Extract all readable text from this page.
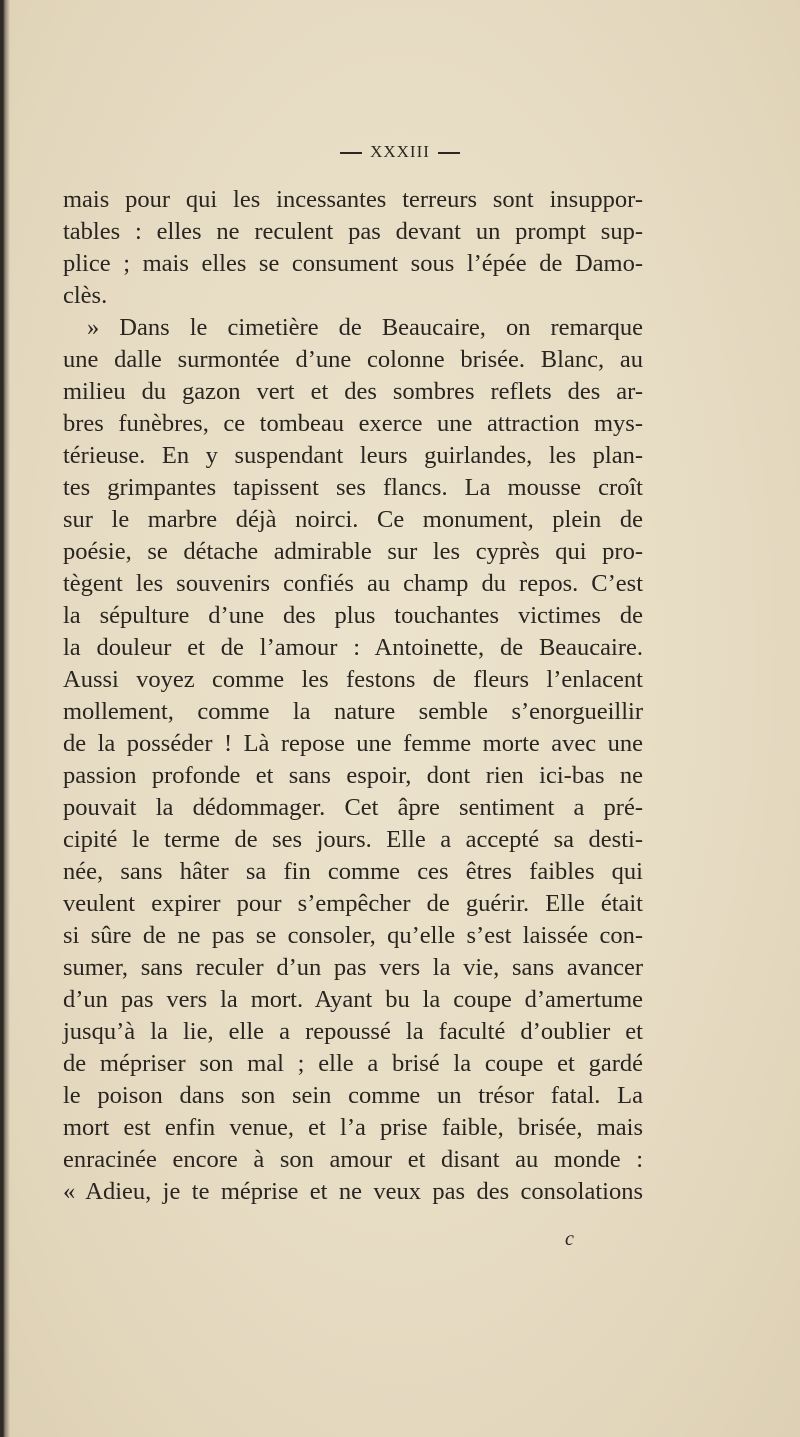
XXXIII
mais pour qui les incessantes terreurs sont insuppor-
tables : elles ne reculent pas devant un prompt sup-
plice ; mais elles se consument sous l’épée de Damo-
clès.
» Dans le cimetière de Beaucaire, on remarque
une dalle surmontée d’une colonne brisée. Blanc, au
milieu du gazon vert et des sombres reflets des ar-
bres funèbres, ce tombeau exerce une attraction mys-
térieuse. En y suspendant leurs guirlandes, les plan-
tes grimpantes tapissent ses flancs. La mousse croît
sur le marbre déjà noirci. Ce monument, plein de
poésie, se détache admirable sur les cyprès qui pro-
tègent les souvenirs confiés au champ du repos. C’est
la sépulture d’une des plus touchantes victimes de
la douleur et de l’amour : Antoinette, de Beaucaire.
Aussi voyez comme les festons de fleurs l’enlacent
mollement, comme la nature semble s’enorgueillir
de la posséder ! Là repose une femme morte avec une
passion profonde et sans espoir, dont rien ici-bas ne
pouvait la dédommager. Cet âpre sentiment a pré-
cipité le terme de ses jours. Elle a accepté sa desti-
née, sans hâter sa fin comme ces êtres faibles qui
veulent expirer pour s’empêcher de guérir. Elle était
si sûre de ne pas se consoler, qu’elle s’est laissée con-
sumer, sans reculer d’un pas vers la vie, sans avancer
d’un pas vers la mort. Ayant bu la coupe d’amertume
jusqu’à la lie, elle a repoussé la faculté d’oublier et
de mépriser son mal ; elle a brisé la coupe et gardé
le poison dans son sein comme un trésor fatal. La
mort est enfin venue, et l’a prise faible, brisée, mais
enracinée encore à son amour et disant au monde :
« Adieu, je te méprise et ne veux pas des consolations
c
